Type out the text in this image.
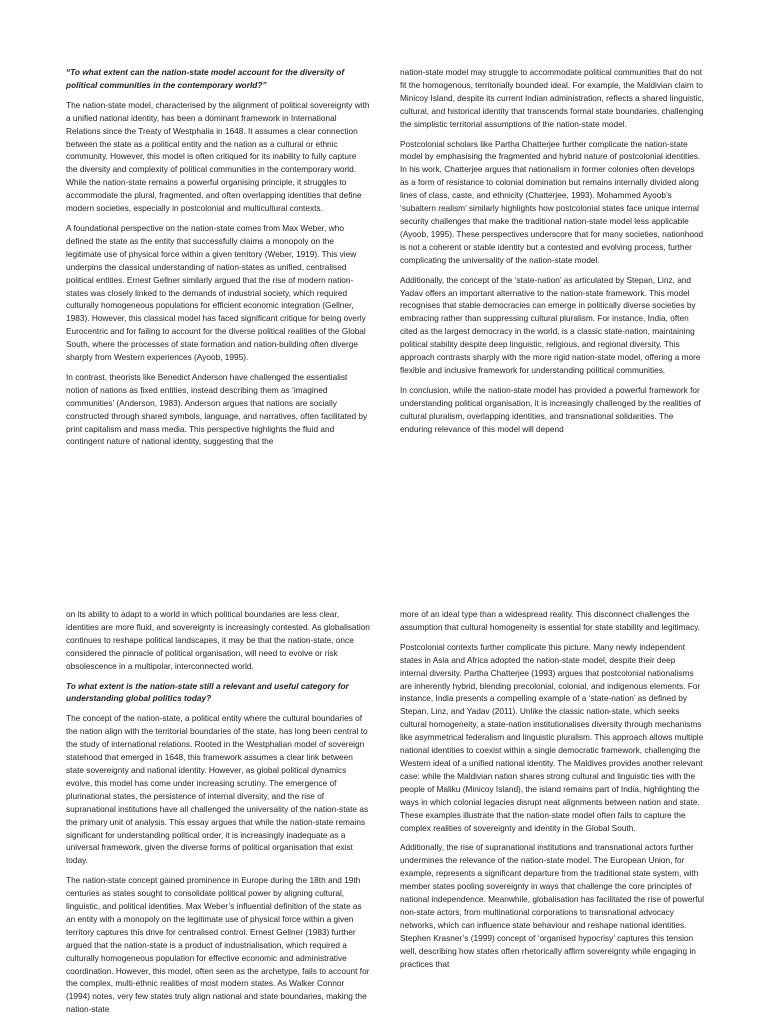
“To what extent can the nation-state model account for the diversity of political communities in the contemporary world?”

The nation-state model, characterised by the alignment of political sovereignty with a unified national identity, has been a dominant framework in International Relations since the Treaty of Westphalia in 1648. It assumes a clear connection between the state as a political entity and the nation as a cultural or ethnic community. However, this model is often critiqued for its inability to fully capture the diversity and complexity of political communities in the contemporary world. While the nation-state remains a powerful organising principle, it struggles to accommodate the plural, fragmented, and often overlapping identities that define modern societies, especially in postcolonial and multicultural contexts.

A foundational perspective on the nation-state comes from Max Weber, who defined the state as the entity that successfully claims a monopoly on the legitimate use of physical force within a given territory (Weber, 1919). This view underpins the classical understanding of nation-states as unified, centralised political entities. Ernest Gellner similarly argued that the rise of modern nation-states was closely linked to the demands of industrial society, which required culturally homogeneous populations for efficient economic integration (Gellner, 1983). However, this classical model has faced significant critique for being overly Eurocentric and for failing to account for the diverse political realities of the Global South, where the processes of state formation and nation-building often diverge sharply from Western experiences (Ayoob, 1995).

In contrast, theorists like Benedict Anderson have challenged the essentialist notion of nations as fixed entities, instead describing them as ‘imagined communities’ (Anderson, 1983). Anderson argues that nations are socially constructed through shared symbols, language, and narratives, often facilitated by print capitalism and mass media. This perspective highlights the fluid and contingent nature of national identity, suggesting that the

nation-state model may struggle to accommodate political communities that do not fit the homogenous, territorially bounded ideal. For example, the Maldivian claim to Minicoy Island, despite its current Indian administration, reflects a shared linguistic, cultural, and historical identity that transcends formal state boundaries, challenging the simplistic territorial assumptions of the nation-state model.

Postcolonial scholars like Partha Chatterjee further complicate the nation-state model by emphasising the fragmented and hybrid nature of postcolonial identities. In his work, Chatterjee argues that nationalism in former colonies often develops as a form of resistance to colonial domination but remains internally divided along lines of class, caste, and ethnicity (Chatterjee, 1993). Mohammed Ayoob’s ‘subaltern realism’ similarly highlights how postcolonial states face unique internal security challenges that make the traditional nation-state model less applicable (Ayoob, 1995). These perspectives underscore that for many societies, nationhood is not a coherent or stable identity but a contested and evolving process, further complicating the universality of the nation-state model.

Additionally, the concept of the ‘state-nation’ as articulated by Stepan, Linz, and Yadav offers an important alternative to the nation-state framework. This model recognises that stable democracies can emerge in politically diverse societies by embracing rather than suppressing cultural pluralism. For instance, India, often cited as the largest democracy in the world, is a classic state-nation, maintaining political stability despite deep linguistic, religious, and regional diversity. This approach contrasts sharply with the more rigid nation-state model, offering a more flexible and inclusive framework for understanding political communities.

In conclusion, while the nation-state model has provided a powerful framework for understanding political organisation, it is increasingly challenged by the realities of cultural pluralism, overlapping identities, and transnational solidarities. The enduring relevance of this model will depend

on its ability to adapt to a world in which political boundaries are less clear, identities are more fluid, and sovereignty is increasingly contested. As globalisation continues to reshape political landscapes, it may be that the nation-state, once considered the pinnacle of political organisation, will need to evolve or risk obsolescence in a multipolar, interconnected world.

To what extent is the nation-state still a relevant and useful category for understanding global politics today?

The concept of the nation-state, a political entity where the cultural boundaries of the nation align with the territorial boundaries of the state, has long been central to the study of international relations. Rooted in the Westphalian model of sovereign statehood that emerged in 1648, this framework assumes a clear link between state sovereignty and national identity. However, as global political dynamics evolve, this model has come under increasing scrutiny. The emergence of plurinational states, the persistence of internal diversity, and the rise of supranational institutions have all challenged the universality of the nation-state as the primary unit of analysis. This essay argues that while the nation-state remains significant for understanding political order, it is increasingly inadequate as a universal framework, given the diverse forms of political organisation that exist today.

The nation-state concept gained prominence in Europe during the 18th and 19th centuries as states sought to consolidate political power by aligning cultural, linguistic, and political identities. Max Weber’s influential definition of the state as an entity with a monopoly on the legitimate use of physical force within a given territory captures this drive for centralised control. Ernest Gellner (1983) further argued that the nation-state is a product of industrialisation, which required a culturally homogeneous population for effective economic and administrative coordination. However, this model, often seen as the archetype, fails to account for the complex, multi-ethnic realities of most modern states. As Walker Connor (1994) notes, very few states truly align national and state boundaries, making the nation-state

more of an ideal type than a widespread reality. This disconnect challenges the assumption that cultural homogeneity is essential for state stability and legitimacy.

Postcolonial contexts further complicate this picture. Many newly independent states in Asia and Africa adopted the nation-state model, despite their deep internal diversity. Partha Chatterjee (1993) argues that postcolonial nationalisms are inherently hybrid, blending precolonial, colonial, and indigenous elements. For instance, India presents a compelling example of a ‘state-nation’ as defined by Stepan, Linz, and Yadav (2011). Unlike the classic nation-state, which seeks cultural homogeneity, a state-nation institutionalises diversity through mechanisms like asymmetrical federalism and linguistic pluralism. This approach allows multiple national identities to coexist within a single democratic framework, challenging the Western ideal of a unified national identity. The Maldives provides another relevant case: while the Maldivian nation shares strong cultural and linguistic ties with the people of Maliku (Minicoy Island), the island remains part of India, highlighting the ways in which colonial legacies disrupt neat alignments between nation and state. These examples illustrate that the nation-state model often fails to capture the complex realities of sovereignty and identity in the Global South.

Additionally, the rise of supranational institutions and transnational actors further undermines the relevance of the nation-state model. The European Union, for example, represents a significant departure from the traditional state system, with member states pooling sovereignty in ways that challenge the core principles of national independence. Meanwhile, globalisation has facilitated the rise of powerful non-state actors, from multinational corporations to transnational advocacy networks, which can influence state behaviour and reshape national identities. Stephen Krasner’s (1999) concept of ‘organised hypocrisy’ captures this tension well, describing how states often rhetorically affirm sovereignty while engaging in practices that
